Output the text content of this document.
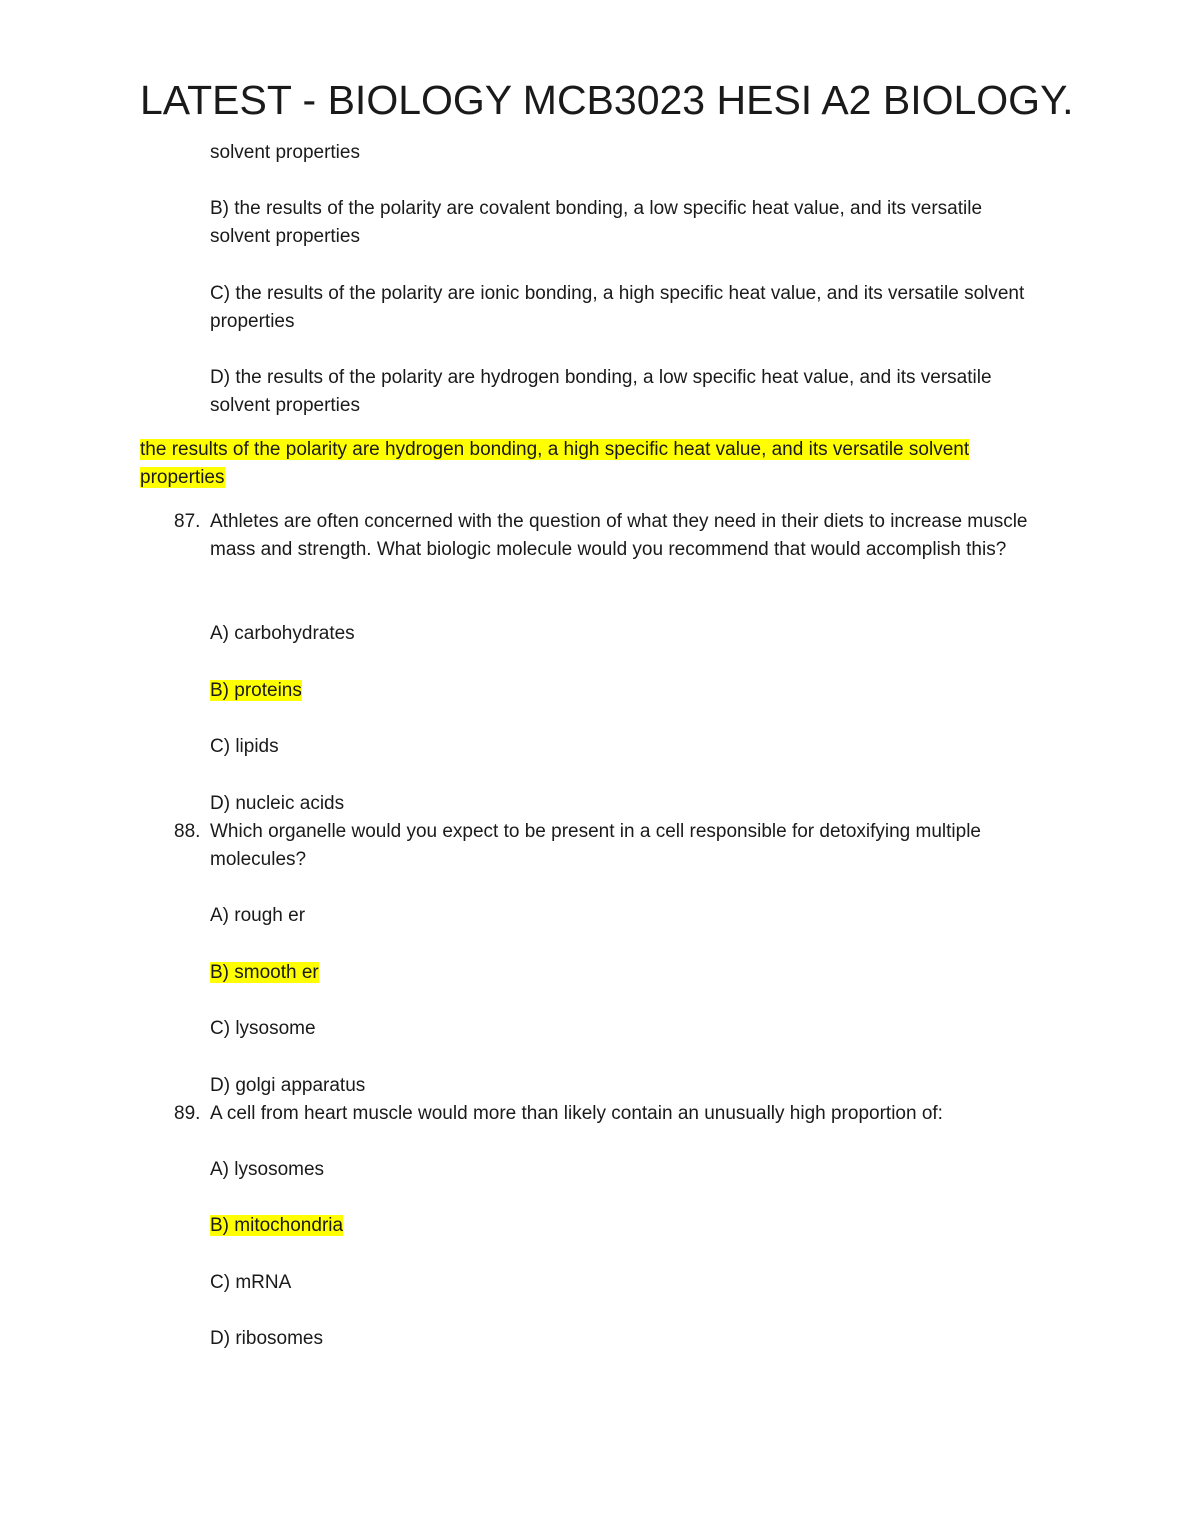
LATEST - BIOLOGY MCB3023 HESI A2 BIOLOGY.

solvent properties

B) the results of the polarity are covalent bonding, a low specific heat value, and its versatile solvent properties

C) the results of the polarity are ionic bonding, a high specific heat value, and its versatile solvent properties

D) the results of the polarity are hydrogen bonding, a low specific heat value, and its versatile solvent properties

the results of the polarity are hydrogen bonding, a high specific heat value, and its versatile solvent properties

87. Athletes are often concerned with the question of what they need in their diets to increase muscle mass and strength. What biologic molecule would you recommend that would accomplish this?

A) carbohydrates

B) proteins

C) lipids

D) nucleic acids

88. Which organelle would you expect to be present in a cell responsible for detoxifying multiple molecules?

A) rough er

B) smooth er

C) lysosome

D) golgi apparatus

89. A cell from heart muscle would more than likely contain an unusually high proportion of:

A) lysosomes

B) mitochondria

C) mRNA

D) ribosomes
